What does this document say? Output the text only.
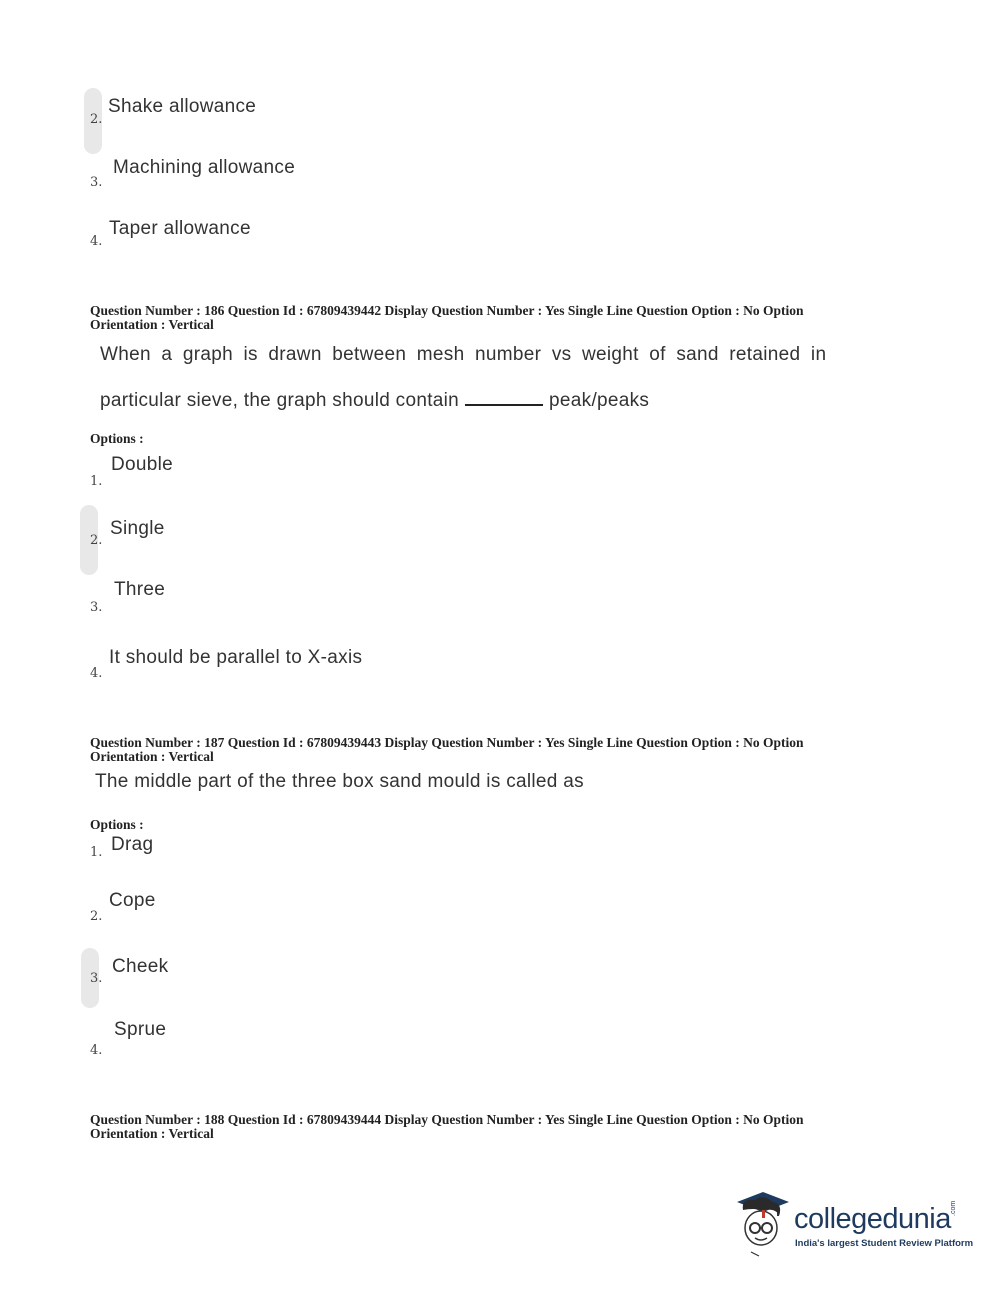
2.
Shake allowance
3.
Machining allowance
4.
Taper allowance
Question Number : 186 Question Id : 67809439442 Display Question Number : Yes Single Line Question Option : No Option
Orientation : Vertical
When a graph is drawn between mesh number vs weight of sand retained in
particular sieve, the graph should contain	peak/peaks
Options :
1.
Double
2.
Single
3.
Three
4.
It should be parallel to X-axis
Question Number : 187 Question Id : 67809439443 Display Question Number : Yes Single Line Question Option : No Option
Orientation : Vertical
The middle part of the three box sand mould is called as
Options :
1. Drag
2.
Cope
3.
Cheek
4.
Sprue
Question Number : 188 Question Id : 67809439444 Display Question Number : Yes Single Line Question Option : No Option
Orientation : Vertical
collegedunia .com
India's largest Student Review Platform
